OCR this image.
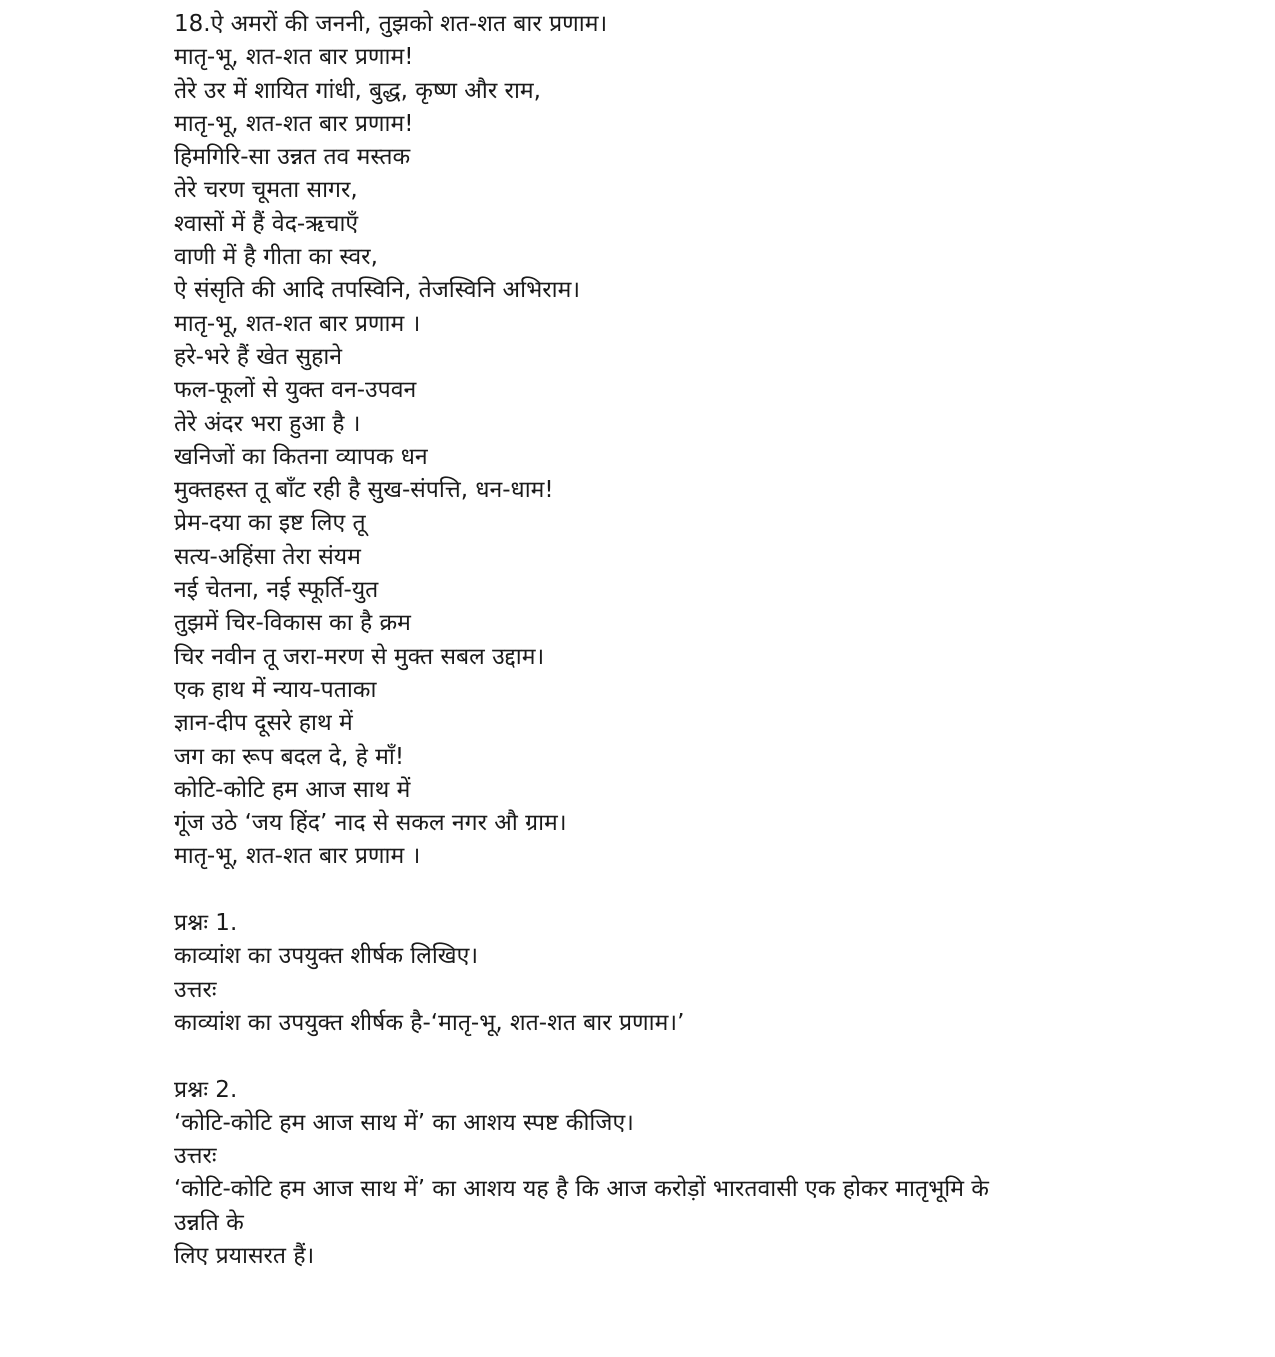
18.ऐ अमरों की जननी, तुझको शत-शत बार प्रणाम।
मातृ-भू, शत-शत बार प्रणाम!
तेरे उर में शायित गांधी, बुद्ध, कृष्ण और राम,
मातृ-भू, शत-शत बार प्रणाम!
हिमगिरि-सा उन्नत तव मस्तक
तेरे चरण चूमता सागर,
श्वासों में हैं वेद-ऋचाएँ
वाणी में है गीता का स्वर,
ऐ संसृति की आदि तपस्विनि, तेजस्विनि अभिराम।
मातृ-भू, शत-शत बार प्रणाम ।
हरे-भरे हैं खेत सुहाने
फल-फूलों से युक्त वन-उपवन
तेरे अंदर भरा हुआ है ।
खनिजों का कितना व्यापक धन
मुक्तहस्त तू बाँट रही है सुख-संपत्ति, धन-धाम!
प्रेम-दया का इष्ट लिए तू
सत्य-अहिंसा तेरा संयम
नई चेतना, नई स्फूर्ति-युत
तुझमें चिर-विकास का है क्रम
चिर नवीन तू जरा-मरण से मुक्त सबल उद्दाम।
एक हाथ में न्याय-पताका
ज्ञान-दीप दूसरे हाथ में
जग का रूप बदल दे, हे माँ!
कोटि-कोटि हम आज साथ में
गूंज उठे ‘जय हिंद’ नाद से सकल नगर औ ग्राम।
मातृ-भू, शत-शत बार प्रणाम ।
प्रश्नः 1.
काव्यांश का उपयुक्त शीर्षक लिखिए।
उत्तरः
काव्यांश का उपयुक्त शीर्षक है-‘मातृ-भू, शत-शत बार प्रणाम।’
प्रश्नः 2.
‘कोटि-कोटि हम आज साथ में’ का आशय स्पष्ट कीजिए।
उत्तरः
‘कोटि-कोटि हम आज साथ में’ का आशय यह है कि आज करोड़ों भारतवासी एक होकर मातृभूमि के
उन्नति के
लिए प्रयासरत हैं।
